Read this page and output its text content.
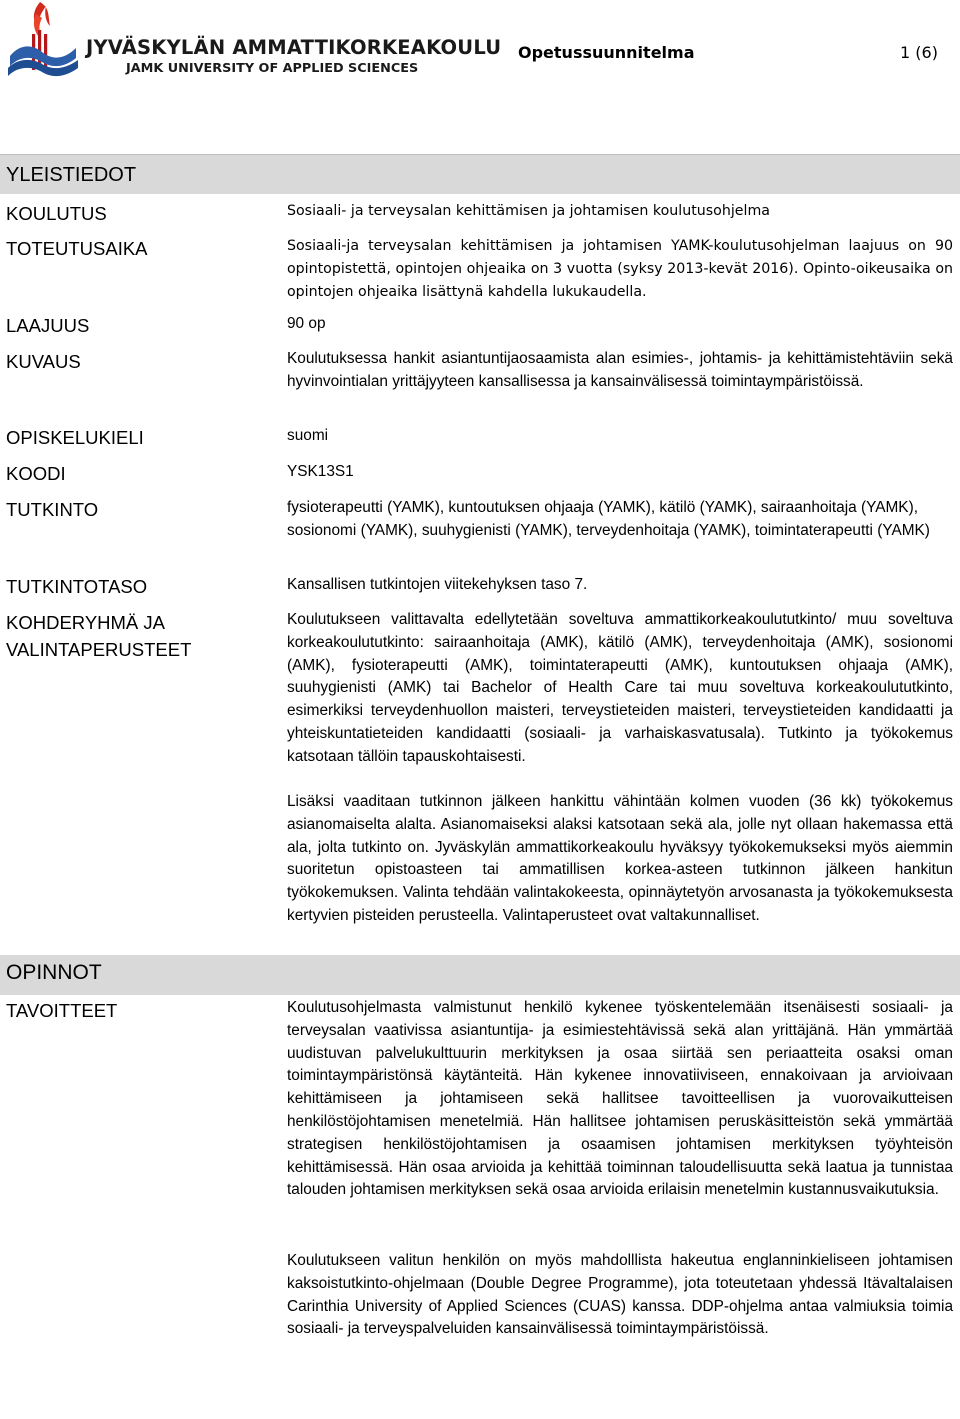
JYVÄSKYLÄN AMMATTIKORKEAKOULU
JAMK UNIVERSITY OF APPLIED SCIENCES
Opetussuunnitelma	1 (6)
YLEISTIEDOT
KOULUTUS	Sosiaali- ja terveysalan kehittämisen ja johtamisen koulutusohjelma
TOTEUTUSAIKA	Sosiaali-ja terveysalan kehittämisen ja johtamisen YAMK-koulutusohjelman laajuus on 90 opintopistettä, opintojen ohjeaika on 3 vuotta (syksy 2013-kevät 2016). Opinto-oikeusaika on opintojen ohjeaika lisättynä kahdella lukukaudella.
LAAJUUS	90 op
KUVAUS	Koulutuksessa hankit asiantuntijaosaamista alan esimies-, johtamis- ja kehittämistehtäviin sekä hyvinvointialan yrittäjyyteen kansallisessa ja kansainvälisessä toimintaympäristöissä.
OPISKELUKIELI	suomi
KOODI	YSK13S1
TUTKINTO	fysioterapeutti (YAMK), kuntoutuksen ohjaaja (YAMK), kätilö (YAMK), sairaanhoitaja (YAMK), sosionomi (YAMK), suuhygienisti (YAMK), terveydenhoitaja (YAMK), toimintaterapeutti (YAMK)
TUTKINTOTASO	Kansallisen tutkintojen viitekehyksen taso 7.
KOHDERYHMÄ JA
VALINTAPERUSTEET
Koulutukseen valittavalta edellytetään soveltuva ammattikorkeakoulututkinto/ muu soveltuva korkeakoulututkinto: sairaanhoitaja (AMK), kätilö (AMK), terveydenhoitaja (AMK), sosionomi (AMK), fysioterapeutti (AMK), toimintaterapeutti (AMK), kuntoutuksen ohjaaja (AMK), suuhygienisti (AMK) tai Bachelor of Health Care tai muu soveltuva korkeakoulututkinto, esimerkiksi terveydenhuollon maisteri, terveystieteiden maisteri, terveystieteiden kandidaatti ja yhteiskuntatieteiden kandidaatti (sosiaali- ja varhaiskasvatusala). Tutkinto ja työkokemus katsotaan tällöin tapauskohtaisesti.
Lisäksi vaaditaan tutkinnon jälkeen hankittu vähintään kolmen vuoden (36 kk) työkokemus asianomaiselta alalta. Asianomaiseksi alaksi katsotaan sekä ala, jolle nyt ollaan hakemassa että ala, jolta tutkinto on. Jyväskylän ammattikorkeakoulu hyväksyy työkokemukseksi myös aiemmin suoritetun opistoasteen tai ammatillisen korkea-asteen tutkinnon jälkeen hankitun työkokemuksen. Valinta tehdään valintakokeesta, opinnäytetyön arvosanasta ja työkokemuksesta kertyvien pisteiden perusteella. Valintaperusteet ovat valtakunnalliset.
OPINNOT
TAVOITTEET	Koulutusohjelmasta valmistunut henkilö kykenee työskentelemään itsenäisesti sosiaali- ja terveysalan vaativissa asiantuntija- ja esimiestehtävissä sekä alan yrittäjänä. Hän ymmärtää uudistuvan palvelukulttuurin merkityksen ja osaa siirtää sen periaatteita osaksi oman toimintaympäristönsä käytänteitä. Hän kykenee innovatiiviseen, ennakoivaan ja arvioivaan kehittämiseen ja johtamiseen sekä hallitsee tavoitteellisen ja vuorovaikutteisen henkilöstöjohtamisen menetelmiä. Hän hallitsee johtamisen peruskäsitteistön sekä ymmärtää strategisen henkilöstöjohtamisen ja osaamisen johtamisen merkityksen työyhteisön kehittämisessä. Hän osaa arvioida ja kehittää toiminnan taloudellisuutta sekä laatua ja tunnistaa talouden johtamisen merkityksen sekä osaa arvioida erilaisin menetelmin kustannusvaikutuksia.
Koulutukseen valitun henkilön on myös mahdolllista hakeutua englanninkieliseen johtamisen kaksoistutkinto-ohjelmaan (Double Degree Programme), jota toteutetaan yhdessä Itävaltalaisen Carinthia University of Applied Sciences (CUAS) kanssa. DDP-ohjelma antaa valmiuksia toimia sosiaali- ja terveyspalveluiden kansainvälisessä toimintaympäristöissä.
